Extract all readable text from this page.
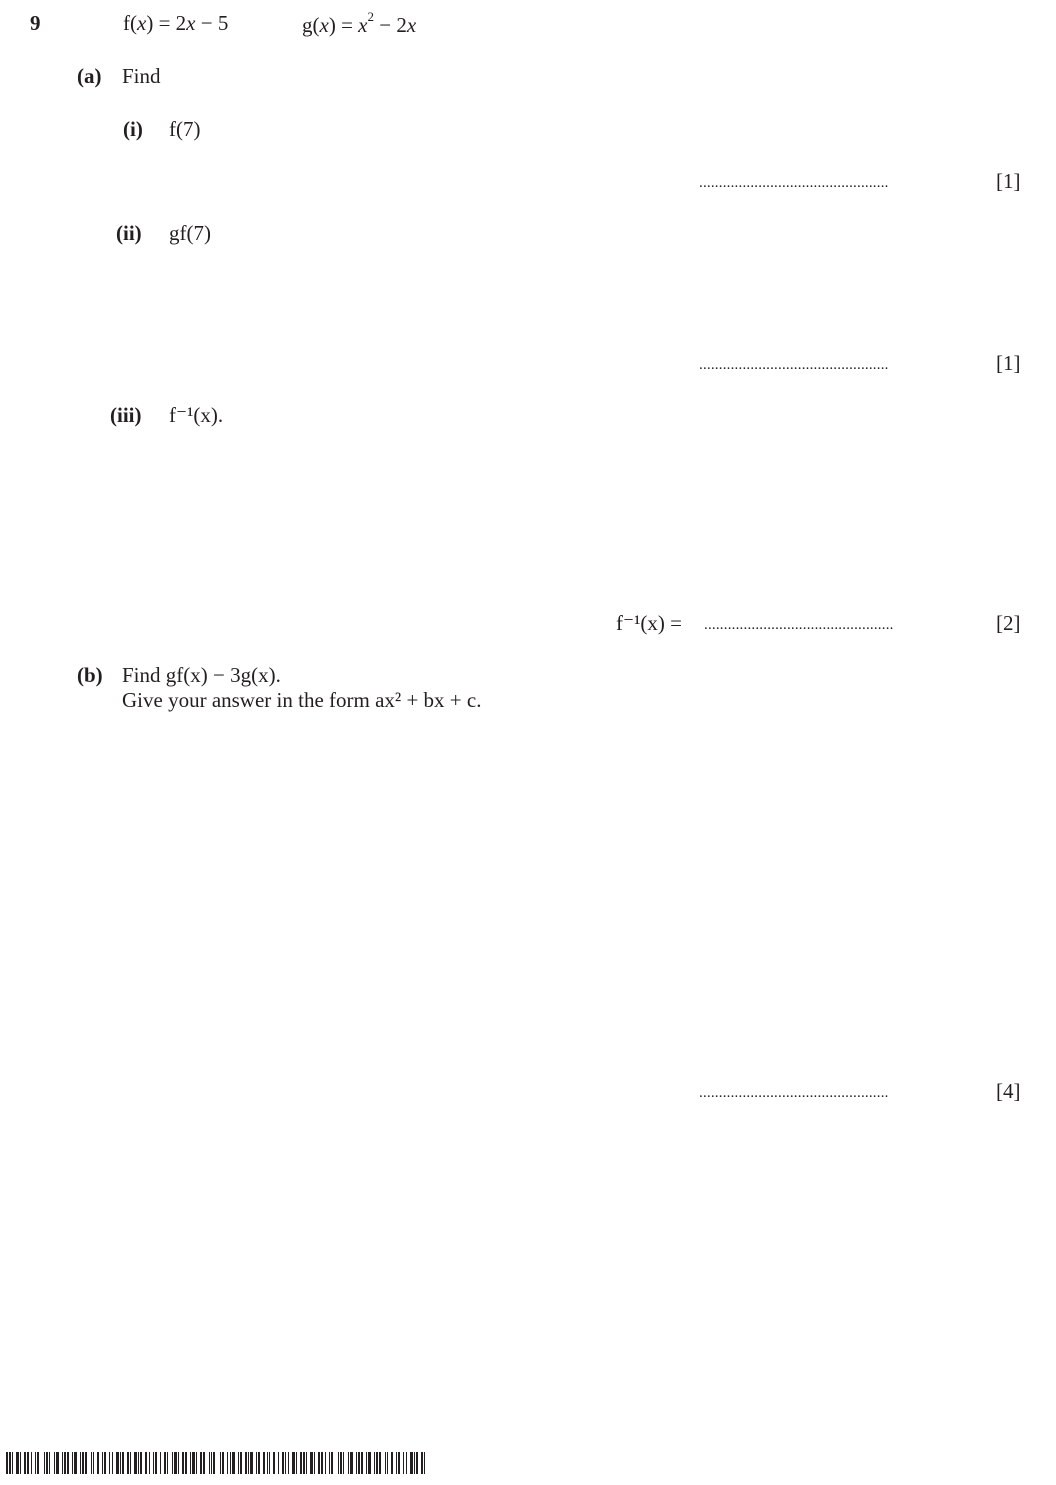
9	f(x) = 2x − 5	$g(x) = x^2 - 2x$
(a) Find
(i) f(7)
................................................	[1]
(ii) gf(7)
................................................	[1]
(iii) f⁻¹(x).
f⁻¹(x) = ................................................	[2]
(b) Find gf(x) − 3g(x).
Give your answer in the form ax² + bx + c.
................................................	[4]
